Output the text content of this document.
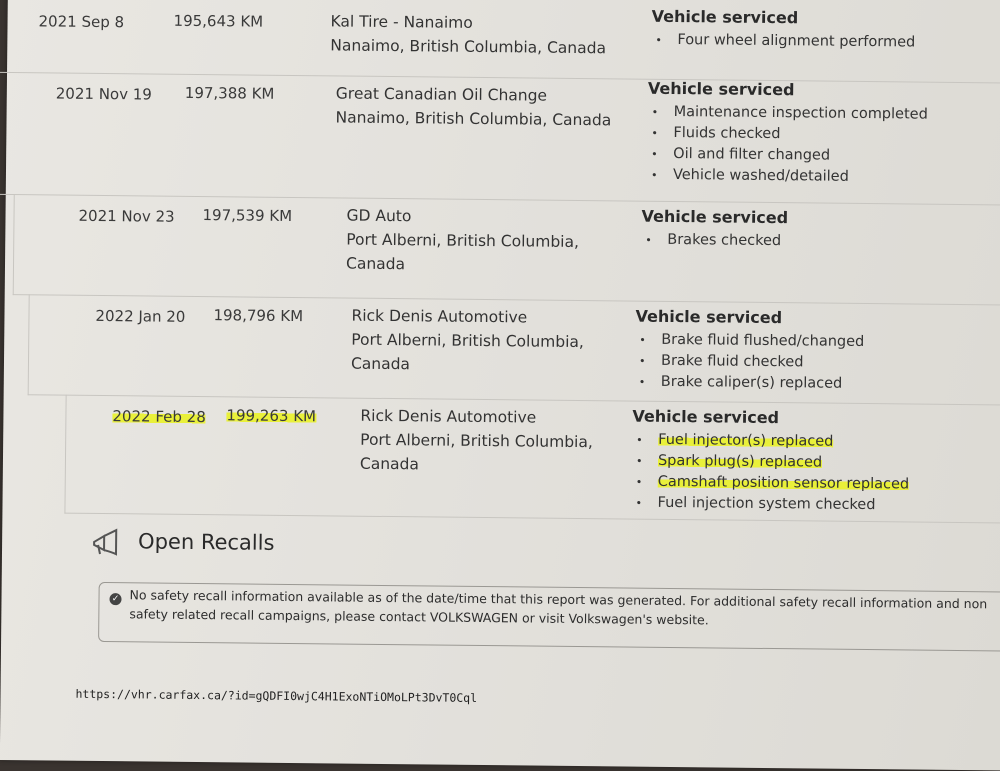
2021 Sep 8	195,643 KM	Kal Tire - Nanaimo
Nanaimo, British Columbia, Canada
Vehicle serviced
• Four wheel alignment performed
2021 Nov 19 197,388 KM	Great Canadian Oil Change
Nanaimo, British Columbia, Canada
Vehicle serviced
• Maintenance inspection completed
• Fluids checked
• Oil and filter changed
• Vehicle washed/detailed
2021 Nov 23 197,539 KM	GD Auto
Port Alberni, British Columbia,
Canada
Vehicle serviced
• Brakes checked
2022 Jan 20 198,796 KM	Rick Denis Automotive
Port Alberni, British Columbia,
Canada
Vehicle serviced
• Brake fluid flushed/changed
• Brake fluid checked
• Brake caliper(s) replaced
2022 Feb 28 199,263 KM	Rick Denis Automotive
Port Alberni, British Columbia,
Canada
Vehicle serviced
• Fuel injector(s) replaced
• Spark plug(s) replaced
• Camshaft position sensor replaced
• Fuel injection system checked
Open Recalls
✓ No safety recall information available as of the date/time that this report was generated. For additional safety recall information and non
safety related recall campaigns, please contact VOLKSWAGEN or visit Volkswagen's website.
https://vhr.carfax.ca/?id=gQDFI0wjC4H1ExoNTiOMoLPt3DvT0Cql
